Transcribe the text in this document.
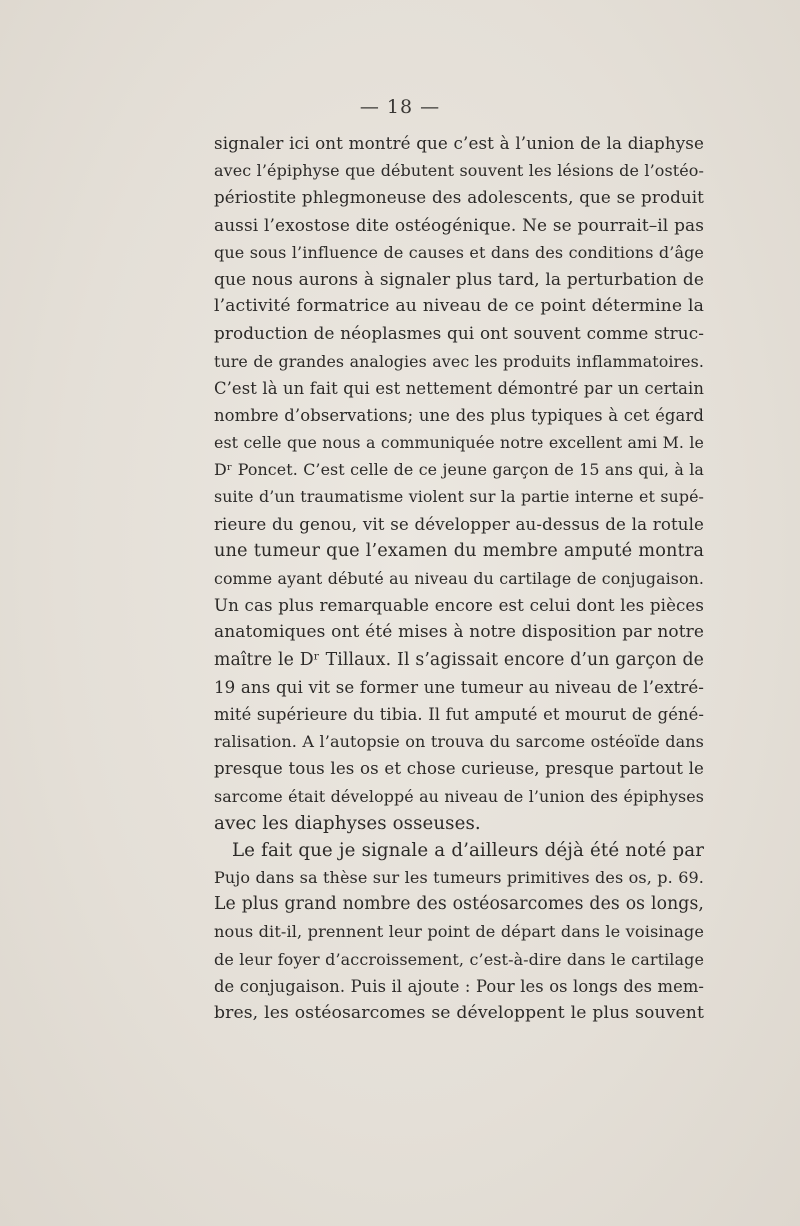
— 18 —
signaler ici ont montré que c’est à l’union de la diaphyse
avec l’épiphyse que débutent souvent les lésions de l’ostéo-
périostite phlegmoneuse des adolescents, que se produit
aussi l’exostose dite ostéogénique. Ne se pourrait–il pas
que sous l’influence de causes et dans des conditions d’âge
que nous aurons à signaler plus tard, la perturbation de
l’activité formatrice au niveau de ce point détermine la
production de néoplasmes qui ont souvent comme struc-
ture de grandes analogies avec les produits inflammatoires.
C’est là un fait qui est nettement démontré par un certain
nombre d’observations; une des plus typiques à cet égard
est celle que nous a communiquée notre excellent ami M. le
Dʳ Poncet. C’est celle de ce jeune garçon de 15 ans qui, à la
suite d’un traumatisme violent sur la partie interne et supé-
rieure du genou, vit se développer au-dessus de la rotule
une tumeur que l’examen du membre amputé montra
comme ayant débuté au niveau du cartilage de conjugaison.
Un cas plus remarquable encore est celui dont les pièces
anatomiques ont été mises à notre disposition par notre
maître le Dʳ Tillaux. Il s’agissait encore d’un garçon de
19 ans qui vit se former une tumeur au niveau de l’extré-
mité supérieure du tibia. Il fut amputé et mourut de géné-
ralisation. A l’autopsie on trouva du sarcome ostéoïde dans
presque tous les os et chose curieuse, presque partout le
sarcome était développé au niveau de l’union des épiphyses
avec les diaphyses osseuses.
Le fait que je signale a d’ailleurs déjà été noté par
Pujo dans sa thèse sur les tumeurs primitives des os, p. 69.
Le plus grand nombre des ostéosarcomes des os longs,
nous dit-il, prennent leur point de départ dans le voisinage
de leur foyer d’accroissement, c’est-à-dire dans le cartilage
de conjugaison. Puis il ajoute : Pour les os longs des mem-
bres, les ostéosarcomes se développent le plus souvent
